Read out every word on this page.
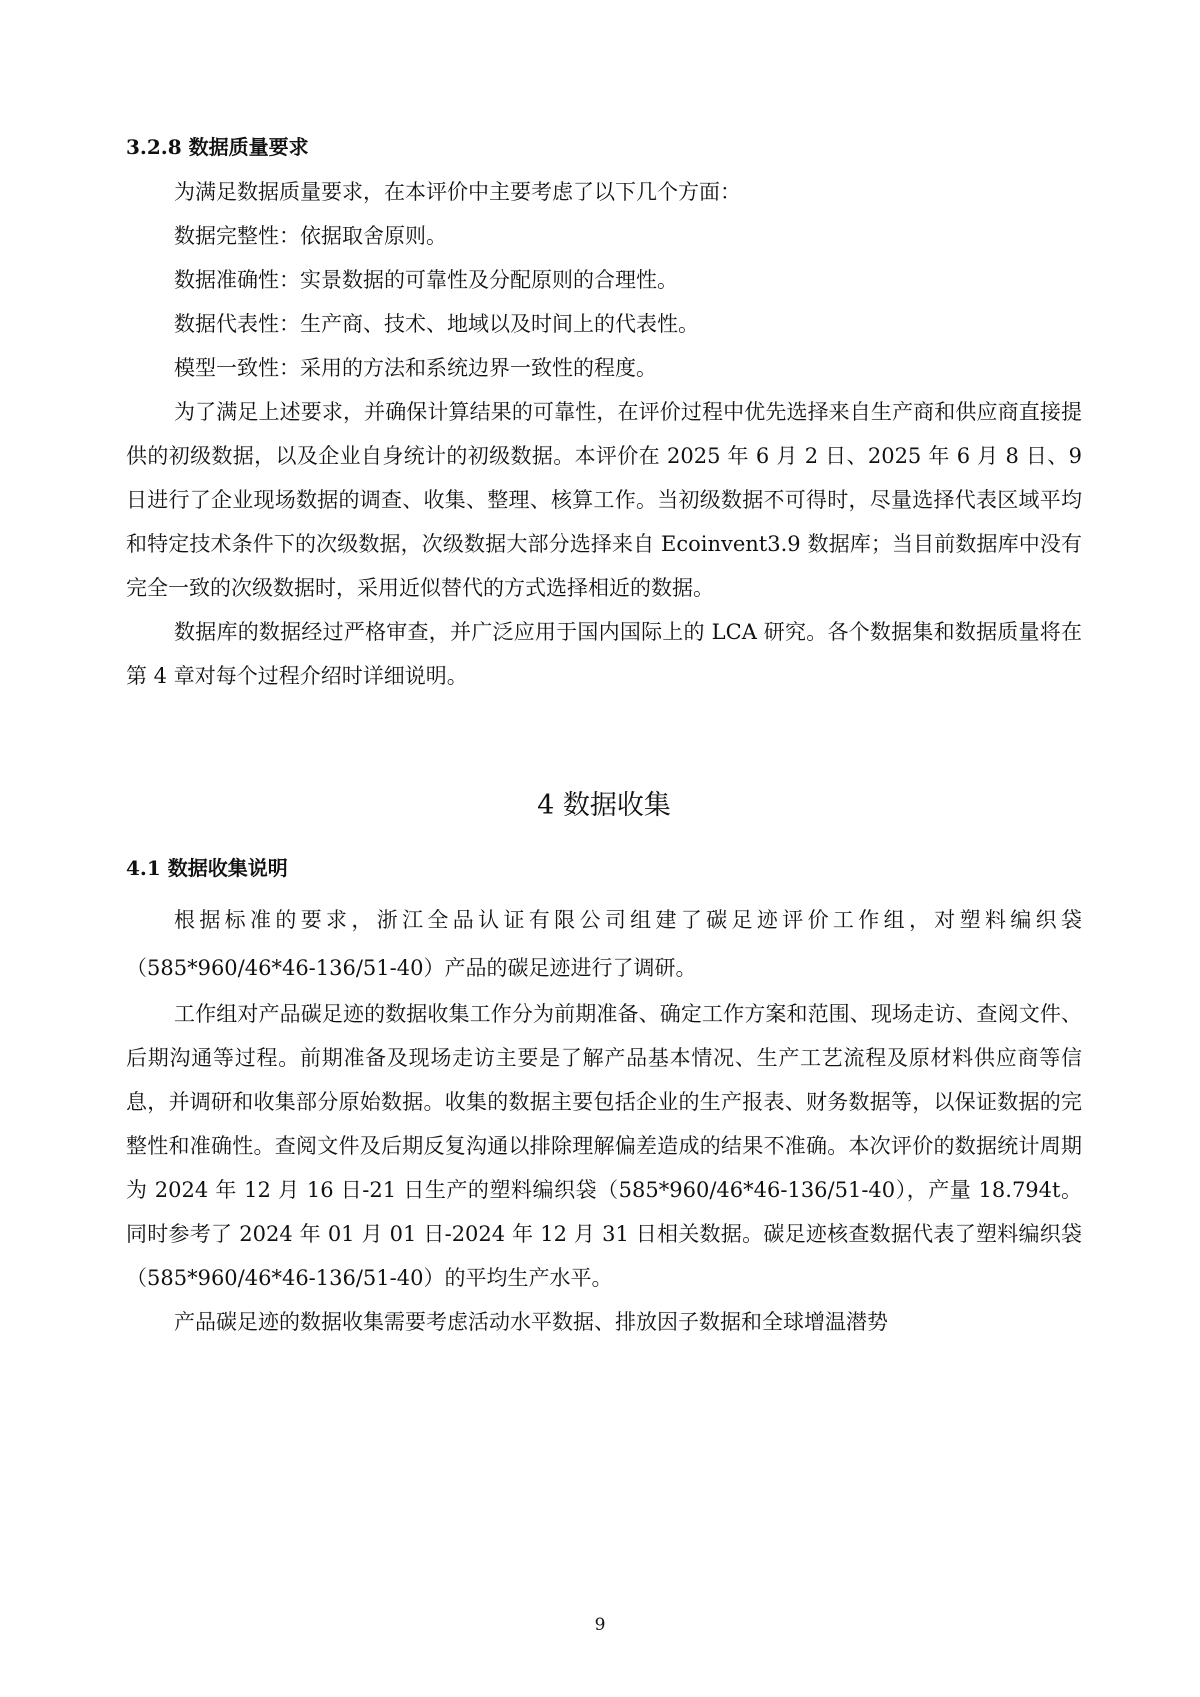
3.2.8 数据质量要求

为满足数据质量要求，在本评价中主要考虑了以下几个方面：

数据完整性：依据取舍原则。

数据准确性：实景数据的可靠性及分配原则的合理性。

数据代表性：生产商、技术、地域以及时间上的代表性。

模型一致性：采用的方法和系统边界一致性的程度。

为了满足上述要求，并确保计算结果的可靠性，在评价过程中优先选择来自生产商和供应商直接提供的初级数据，以及企业自身统计的初级数据。本评价在 2025 年 6 月 2 日、2025 年 6 月 8 日、9 日进行了企业现场数据的调查、收集、整理、核算工作。当初级数据不可得时，尽量选择代表区域平均和特定技术条件下的次级数据，次级数据大部分选择来自 Ecoinvent3.9 数据库；当目前数据库中没有完全一致的次级数据时，采用近似替代的方式选择相近的数据。

数据库的数据经过严格审查，并广泛应用于国内国际上的 LCA 研究。各个数据集和数据质量将在第 4 章对每个过程介绍时详细说明。

4 数据收集
4.1 数据收集说明

根据标准的要求，浙江全品认证有限公司组建了碳足迹评价工作组，对塑料编织袋（585*960/46*46-136/51-40）产品的碳足迹进行了调研。

工作组对产品碳足迹的数据收集工作分为前期准备、确定工作方案和范围、现场走访、查阅文件、后期沟通等过程。前期准备及现场走访主要是了解产品基本情况、生产工艺流程及原材料供应商等信息，并调研和收集部分原始数据。收集的数据主要包括企业的生产报表、财务数据等，以保证数据的完整性和准确性。查阅文件及后期反复沟通以排除理解偏差造成的结果不准确。本次评价的数据统计周期为 2024 年 12 月 16 日-21 日生产的塑料编织袋（585*960/46*46-136/51-40），产量 18.794t。同时参考了 2024 年 01 月 01 日-2024 年 12 月 31 日相关数据。碳足迹核查数据代表了塑料编织袋（585*960/46*46-136/51-40）的平均生产水平。

产品碳足迹的数据收集需要考虑活动水平数据、排放因子数据和全球增温潜势

9
